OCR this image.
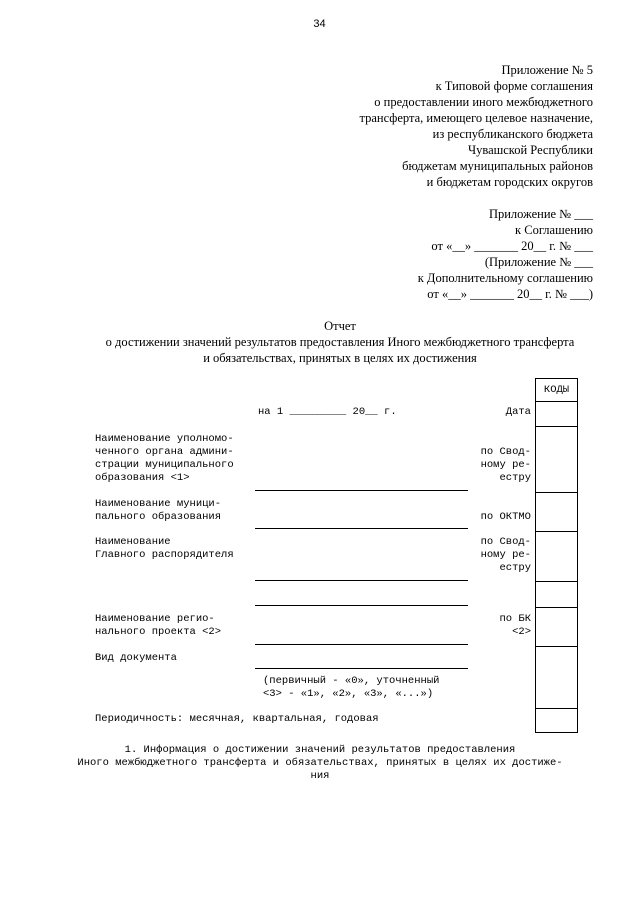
34
Приложение № 5
к Типовой форме соглашения
о предоставлении иного межбюджетного
трансферта, имеющего целевое назначение,
из республиканского бюджета
Чувашской Республики
бюджетам муниципальных районов
и бюджетам городских округов
Приложение № ___
к Соглашению
от «__» _______ 20__ г. № ___
(Приложение № ___
к Дополнительному соглашению
от «__» _______ 20__ г. № ___)
Отчет
о достижении значений результатов предоставления Иного межбюджетного трансферта
и обязательствах, принятых в целях их достижения
КОДЫ
на 1 _________ 20__ г.	Дата
Наименование уполномо-
ченного органа админи-
страции муниципального
образования <1>
по Свод-
ному ре-
естру
Наименование муници-
пального образования	по ОКТМО
Наименование
Главного распорядителя
по Свод-
ному ре-
естру
Наименование регио-
нального проекта <2>
по БК
<2>
Вид документа
(первичный - «0», уточненный
<3> - «1», «2», «3», «...»)
Периодичность: месячная, квартальная, годовая
1. Информация о достижении значений результатов предоставления
Иного межбюджетного трансферта и обязательствах, принятых в целях их достиже-
ния
